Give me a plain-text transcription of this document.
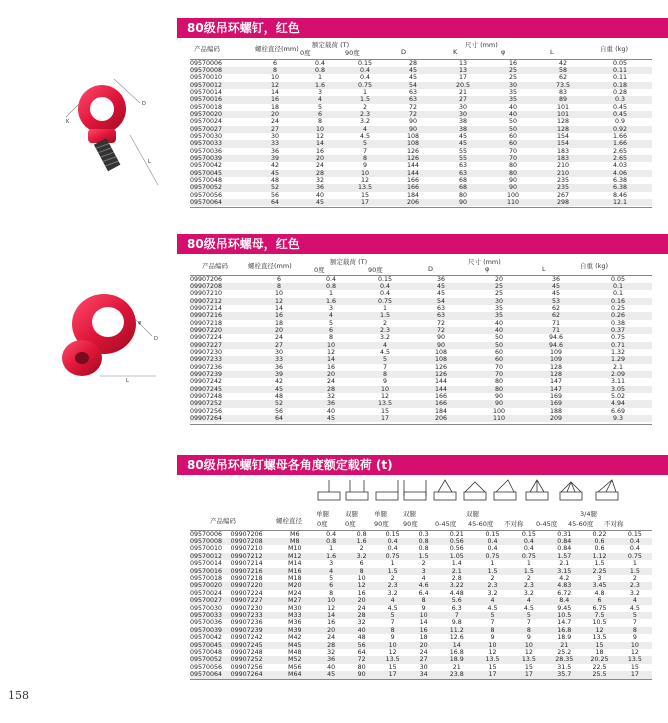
80级吊环螺钉，红色
产品编码	螺栓直径(mm) 额定载荷 (T)
0度	90度
尺寸 (mm)
D	K	φ	L	自重 (kg)
09570006	6	0.4	0.15	28	13	16	42	0.05
09570008	8	0.8	0.4	45	13	25	58	0.11
09570010	10	1	0.4	45	17	25	62	0.11
09570012	12	1.6	0.75	54	20.5	30	73.5	0.18
09570014	14	3	1	63	21	35	83	0.28
09570016	16	4	1.5	63	27	35	89	0.3
09570018	18	5	2	72	30	40	101	0.45
09570020	20	6	2.3	72	30	40	101	0.45
09570024	24	8	3.2	90	38	50	128	0.9
09570027	27	10	4	90	38	50	128	0.92
09570030	30	12	4.5	108	45	60	154	1.66
09570033	33	14	5	108	45	60	154	1.66
09570036	36	16	7	126	55	70	183	2.65
09570039	39	20	8	126	55	70	183	2.65
09570042	42	24	9	144	63	80	210	4.03
09570045	45	28	10	144	63	80	210	4.06
09570048	48	32	12	166	68	90	235	6.38
09570052	52	36	13.5	166	68	90	235	6.38
09570056	56	40	15	184	80	100	267	8.46
09570064	64	45	17	206	90	110	298	12.1
K
D
L
80级吊环螺母，红色
产品编码	螺栓直径(mm)	额定载荷 (T)
0度	90度
尺寸 (mm)
D	φ	L	自重 (kg)
09907206	6	0.4	0.15	36	20	36	0.05
09907208	8	0.8	0.4	45	25	45	0.1
09907210	10	1	0.4	45	25	45	0.1
09907212	12	1.6	0.75	54	30	53	0.16
09907214	14	3	1	63	35	62	0.25
09907216	16	4	1.5	63	35	62	0.26
09907218	18	5	2	72	40	71	0.38
09907220	20	6	2.3	72	40	71	0.37
09907224	24	8	3.2	90	50	94.6	0.75
09907227	27	10	4	90	50	94.6	0.71
09907230	30	12	4.5	108	60	109	1.32
09907233	33	14	5	108	60	109	1.29
09907236	36	16	7	126	70	128	2.1
09907239	39	20	8	126	70	128	2.09
09907242	42	24	9	144	80	147	3.11
09907245	45	28	10	144	80	147	3.05
09907248	48	32	12	166	90	169	5.02
09907252	52	36	13.5	166	90	169	4.94
09907256	56	40	15	184	100	188	6.69
09907264	64	45	17	206	110	209	9.3
D
L
φ
80级吊环螺钉螺母各角度额定载荷 (t)
产品编码	螺栓直径
单腿 双腿 单腿 双腿	双腿	3/4腿
0度	0度	90度 90度	0-45度 45-60度 不对称 0-45度 45-60度 不对称
09570006	09907206	M6	0.4	0.8	0.15	0.3	0.21	0.15	0.15	0.31	0.22	0.15
09570008	09907208	M8	0.8	1.6	0.4	0.8	0.56	0.4	0.4	0.84	0.6	0.4
09570010	09907210	M10	1	2	0.4	0.8	0.56	0.4	0.4	0.84	0.6	0.4
09570012	09907212	M12	1.6	3.2	0.75	1.5	1.05	0.75	0.75	1.57	1.12	0.75
09570014	09907214	M14	3	6	1	2	1.4	1	1	2.1	1.5	1
09570016	09907216	M16	4	8	1.5	3	2.1	1.5	1.5	3.15	2.25	1.5
09570018	09907218	M18	5	10	2	4	2.8	2	2	4.2	3	2
09570020	09907220	M20	6	12	2.3	4.6	3.22	2.3	2.3	4.83	3.45	2.3
09570024	09907224	M24	8	16	3.2	6.4	4.48	3.2	3.2	6.72	4.8	3.2
09570027	09907227	M27	10	20	4	8	5.6	4	4	8.4	6	4
09570030	09907230	M30	12	24	4.5	9	6.3	4.5	4.5	9.45	6.75	4.5
09570033	09907233	M33	14	28	5	10	7	5	5	10.5	7.5	5
09570036	09907236	M36	16	32	7	14	9.8	7	7	14.7	10.5	7
09570039	09907239	M39	20	40	8	16	11.2	8	8	16.8	12	8
09570042	09907242	M42	24	48	9	18	12.6	9	9	18.9	13.5	9
09570045	09907245	M45	28	56	10	20	14	10	10	21	15	10
09570048	09907248	M48	32	64	12	24	16.8	12	12	25.2	18	12
09570052	09907252	M52	36	72	13.5	27	18.9	13.5	13.5	28.35	20.25	13.5
09570056	09907256	M56	40	80	15	30	21	15	15	31.5	22.5	15
09570064	09907264	M64	45	90	17	34	23.8	17	17	35.7	25.5	17
158
